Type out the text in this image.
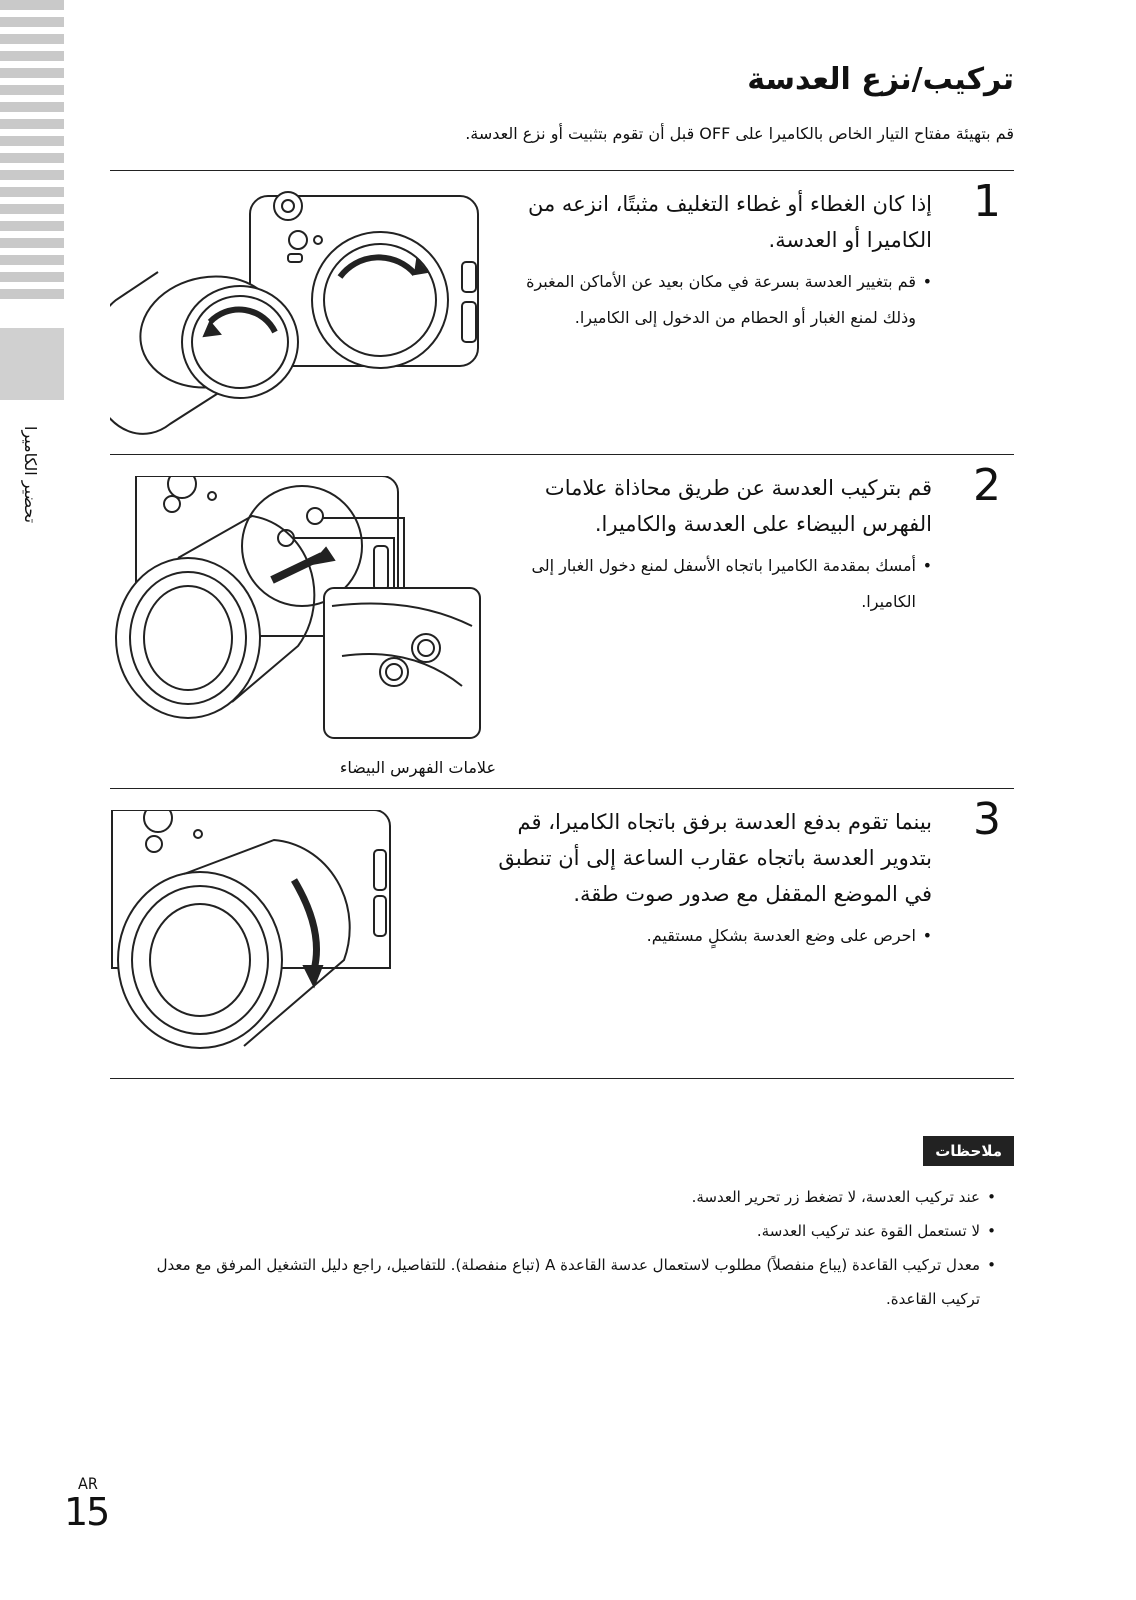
تحضير الكاميرا
تركيب/نزع العدسة
قم بتهيئة مفتاح التيار الخاص بالكاميرا على OFF قبل أن تقوم بتثبيت أو نزع العدسة.
1
إذا كان الغطاء أو غطاء التغليف مثبتًا، انزعه من الكاميرا أو العدسة.
• قم بتغيير العدسة بسرعة في مكان بعيد عن الأماكن المغبرة وذلك لمنع الغبار أو الحطام من الدخول إلى الكاميرا.
2
قم بتركيب العدسة عن طريق محاذاة علامات الفهرس البيضاء على العدسة والكاميرا.
• أمسك بمقدمة الكاميرا باتجاه الأسفل لمنع دخول الغبار إلى الكاميرا.
علامات الفهرس البيضاء
3
بينما تقوم بدفع العدسة برفق باتجاه الكاميرا، قم بتدوير العدسة باتجاه عقارب الساعة إلى أن تنطبق في الموضع المقفل مع صدور صوت طقة.
• احرص على وضع العدسة بشكلٍ مستقيم.
ملاحظات
• عند تركيب العدسة، لا تضغط زر تحرير العدسة.
• لا تستعمل القوة عند تركيب العدسة.
• معدل تركيب القاعدة (يباع منفصلاً) مطلوب لاستعمال عدسة القاعدة A (تباع منفصلة). للتفاصيل، راجع دليل التشغيل المرفق مع معدل تركيب القاعدة.
AR
15
